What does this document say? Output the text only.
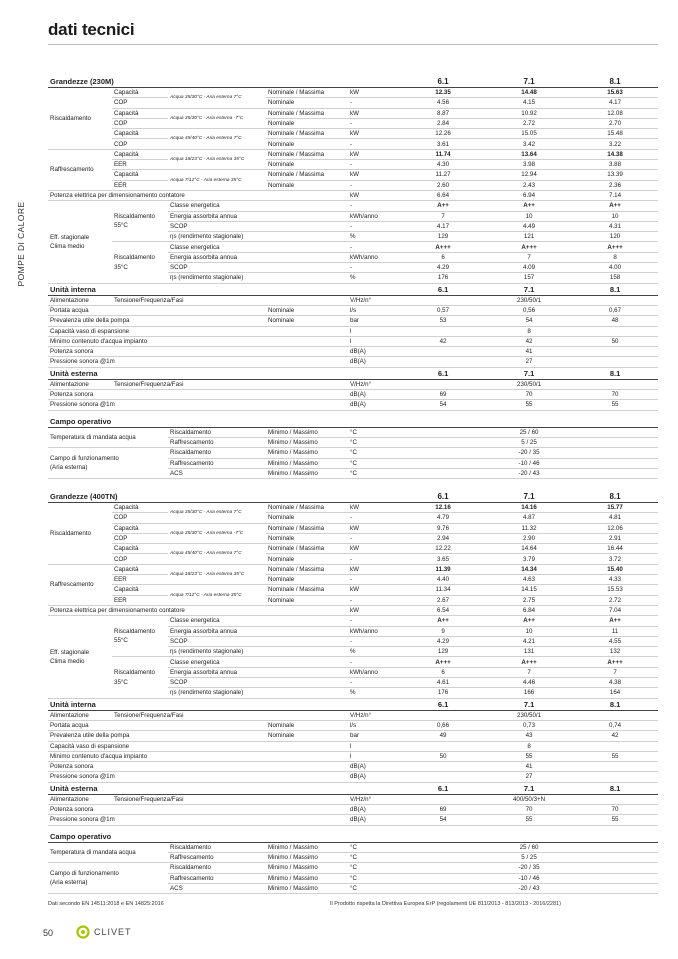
dati tecnici
POMPE DI CALORE
Grandezze (230M)					6.1	7.1	8.1
Riscaldamento	Capacità	Acqua 35/30°C - Aria esterna 7°C	Nominale / Massima	kW	12.35	14.48	15.63
	COP		Nominale	-	4.56	4.15	4.17
	Capacità	Acqua 35/30°C - Aria esterna -7°C	Nominale / Massima	kW	8.87	10.92	12.08
	COP		Nominale	-	2.84	2.72	2.70
	Capacità	Acqua 45/40°C - Aria esterna 7°C	Nominale / Massima	kW	12.26	15.05	15.48
	COP		Nominale	-	3.61	3.42	3.22
Raffrescamento	Capacità	Acqua 18/23°C - Aria esterna 35°C	Nominale / Massima	kW	11.74	13.64	14.38
	EER		Nominale	-	4.30	3.98	3.88
	Capacità	Acqua 7/12°C - Aria esterna 35°C	Nominale / Massima	kW	11.27	12.94	13.39
	EER		Nominale	-	2.60	2.43	2.36
Potenza elettrica per dimensionamento contatore				kW	6.64	6.94	7.14
Eff. stagionale
Clima medio	Riscaldamento
55°C	Classe energetica		-	A++	A++	A++
		Energia assorbita annua		kWh/anno	7	10	10
		SCOP		-	4.17	4.49	4.31
		ηs (rendimento stagionale)		%	129	121	120
	Riscaldamento
35°C	Classe energetica		-	A+++	A+++	A+++
		Energia assorbita annua		kWh/anno	6	7	8
		SCOP		-	4.29	4.09	4.00
		ηs (rendimento stagionale)		%	176	157	158
Unità interna					6.1	7.1	8.1
Alimentazione	Tensione/Frequenza/Fasi			V/Hz/n°	230/50/1		
Portata acqua			Nominale	l/s	0,57	0,56	0,67
Prevalenza utile della pompa			Nominale	bar	53	54	48
Capacità vaso di espansione				l	8		
Minimo contenuto d'acqua impianto				l	42	42	50
Potenza sonora				dB(A)	41		
Pressione sonora @1m				dB(A)	27		
Unità esterna					6.1	7.1	8.1
Alimentazione	Tensione/Frequenza/Fasi			V/Hz/n°	230/50/1		
Potenza sonora				dB(A)	69	70	70
Pressione sonora @1m				dB(A)	54	55	55

Campo operativo							
Temperatura di mandata acqua		Riscaldamento	Minimo / Massimo	°C	25 / 60		
		Raffrescamento	Minimo / Massimo	°C	5 / 25		
Campo di funzionamento
(Aria esterna)		Riscaldamento	Minimo / Massimo	°C	-20 / 35		
		Raffrescamento	Minimo / Massimo	°C	-10 / 46		
		ACS	Minimo / Massimo	°C	-20 / 43		
Grandezze (400TN)					6.1	7.1	8.1
Riscaldamento	Capacità	Acqua 35/30°C - Aria esterna 7°C	Nominale / Massima	kW	12.16	14.16	15.77
	COP		Nominale	-	4.79	4.87	4.81
	Capacità	Acqua 35/30°C - Aria esterna -7°C	Nominale / Massima	kW	9.76	11.32	12.06
	COP		Nominale	-	2.94	2.90	2.91
	Capacità	Acqua 45/40°C - Aria esterna 7°C	Nominale / Massima	kW	12.22	14.64	16.44
	COP		Nominale	-	3.65	3.79	3.72
Raffrescamento	Capacità	Acqua 18/23°C - Aria esterna 35°C	Nominale / Massima	kW	11.39	14.34	15.40
	EER		Nominale	-	4.40	4.63	4.33
	Capacità	Acqua 7/12°C - Aria esterna 35°C	Nominale / Massima	kW	11.34	14.15	15.53
	EER		Nominale	-	2.67	2.75	2.72
Potenza elettrica per dimensionamento contatore				kW	6.54	6.84	7.04
Eff. stagionale
Clima medio	Riscaldamento
55°C	Classe energetica		-	A++	A++	A++
		Energia assorbita annua		kWh/anno	9	10	11
		SCOP		-	4.29	4.21	4.55
		ηs (rendimento stagionale)		%	129	131	132
	Riscaldamento
35°C	Classe energetica		-	A+++	A+++	A+++
		Energia assorbita annua		kWh/anno	6	7	7
		SCOP		-	4.61	4.46	4.38
		ηs (rendimento stagionale)		%	176	166	164
Unità interna					6.1	7.1	8.1
Alimentazione	Tensione/Frequenza/Fasi			V/Hz/n°	230/50/1		
Portata acqua			Nominale	l/s	0,66	0,73	0,74
Prevalenza utile della pompa			Nominale	bar	49	43	42
Capacità vaso di espansione				l	8		
Minimo contenuto d'acqua impianto				l	50	55	55
Potenza sonora				dB(A)	41		
Pressione sonora @1m				dB(A)	27		
Unità esterna					6.1	7.1	8.1
Alimentazione	Tensione/Frequenza/Fasi			V/Hz/n°	400/50/3+N		
Potenza sonora				dB(A)	69	70	70
Pressione sonora @1m				dB(A)	54	55	55

Campo operativo							
Temperatura di mandata acqua		Riscaldamento	Minimo / Massimo	°C	25 / 60		
		Raffrescamento	Minimo / Massimo	°C	5 / 25		
Campo di funzionamento
(Aria esterna)		Riscaldamento	Minimo / Massimo	°C	-20 / 35		
		Raffrescamento	Minimo / Massimo	°C	-10 / 46		
		ACS	Minimo / Massimo	°C	-20 / 43		
Dati secondo EN 14511:2018 e EN 14825:2016	Il Prodotto rispetta la Direttiva Europea ErP (regolamenti UE 811/2013 - 813/2013 - 2016/2281)
50	CLIVET
